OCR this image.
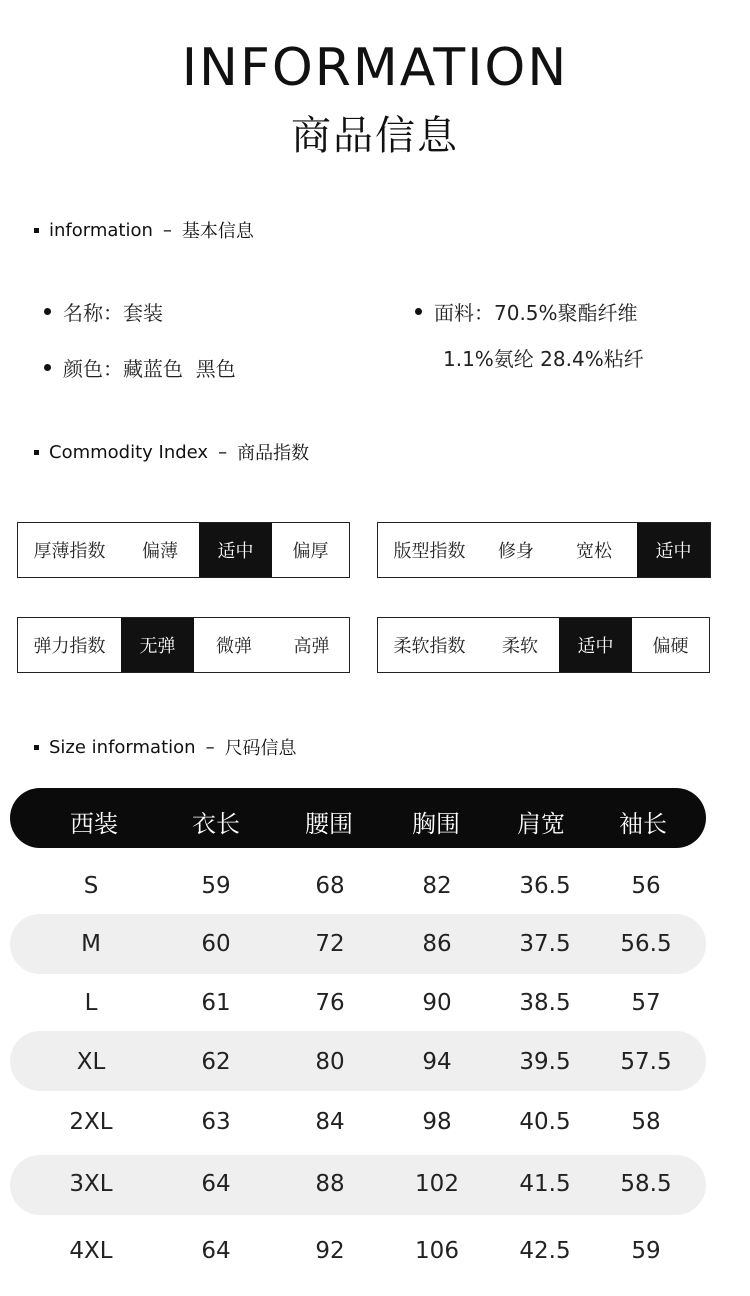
INFORMATION
商品信息
information – 基本信息
名称：套装
颜色：藏蓝色  黑色
面料：70.5%聚酯纤维
1.1%氨纶 28.4%粘纤
Commodity Index – 商品指数
厚薄指数	偏薄	适中	偏厚	版型指数	修身	宽松	适中
弹力指数	无弹	微弹	高弹	柔软指数	柔软	适中	偏硬
Size information – 尺码信息
西装	衣长	腰围	胸围	肩宽	袖长
S	59	68	82	36.5	56
M	60	72	86	37.5	56.5
L	61	76	90	38.5	57
XL	62	80	94	39.5	57.5
2XL	63	84	98	40.5	58
3XL	64	88	102	41.5	58.5
4XL	64	92	106	42.5	59
